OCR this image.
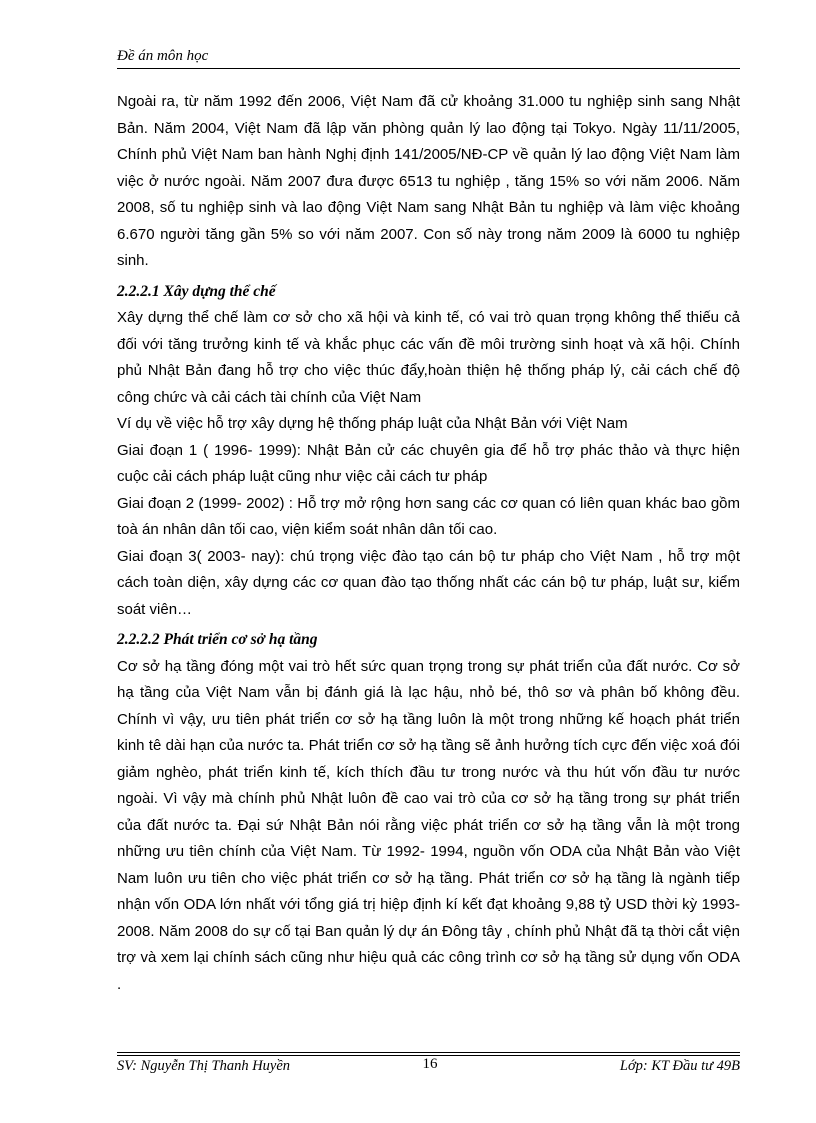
Đề án môn học

Ngoài ra, từ năm 1992 đến 2006, Việt Nam đã cử khoảng 31.000 tu nghiệp sinh sang Nhật Bản. Năm 2004, Việt Nam đã lập văn phòng quản lý lao động tại Tokyo. Ngày 11/11/2005, Chính phủ Việt Nam ban hành Nghị định 141/2005/NĐ-CP về quản lý lao động Việt Nam làm việc ở nước ngoài. Năm 2007 đưa được 6513 tu nghiệp , tăng 15% so với năm 2006. Năm 2008, số tu nghiệp sinh và lao động Việt Nam sang Nhật Bản tu nghiệp và làm việc khoảng 6.670 người tăng gần 5% so với năm 2007. Con số này trong năm 2009 là 6000 tu nghiệp sinh.

2.2.2.1 Xây dựng thể chế

Xây dựng thể chế làm cơ sở cho xã hội và kinh tế, có vai trò quan trọng không thể thiếu cả đối với tăng trưởng kinh tế và khắc phục các vấn đề môi trường sinh hoạt và xã hội. Chính phủ Nhật Bản đang hỗ trợ cho việc thúc đẩy,hoàn thiện hệ thống pháp lý, cải cách chế độ công chức và cải cách tài chính của Việt Nam

Ví dụ về việc hỗ trợ xây dựng hệ thống pháp luật của Nhật Bản với Việt Nam

Giai đoạn 1 ( 1996- 1999): Nhật Bản cử các chuyên gia để hỗ trợ phác thảo và thực hiện cuộc cải cách pháp luật cũng như việc cải cách tư pháp

Giai đoạn 2 (1999- 2002) : Hỗ trợ mở rộng hơn sang các cơ quan có liên quan khác bao gồm toà án nhân dân tối cao, viện kiểm soát nhân dân tối cao.

Giai đoạn 3( 2003- nay): chú trọng việc đào tạo cán bộ tư pháp cho Việt Nam , hỗ trợ một cách toàn diện, xây dựng các cơ quan đào tạo thống nhất các cán bộ tư pháp, luật sư, kiểm soát viên…

2.2.2.2 Phát triển cơ sở hạ tầng

Cơ sở hạ tầng đóng một vai trò hết sức quan trọng trong sự phát triển của đất nước. Cơ sở hạ tầng của Việt Nam vẫn bị đánh giá là lạc hậu, nhỏ bé, thô sơ và phân bố không đều. Chính vì vậy, ưu tiên phát triển cơ sở hạ tầng luôn là một trong những kế hoạch phát triển kinh tê dài hạn của nước ta. Phát triển cơ sở hạ tầng sẽ ảnh hưởng tích cực đến việc xoá đói giảm nghèo, phát triển kinh tế, kích thích đầu tư trong nước và thu hút vốn đầu tư nước ngoài. Vì vậy mà chính phủ Nhật luôn đề cao vai trò của cơ sở hạ tầng trong sự phát triển của đất nước ta. Đại sứ Nhật Bản nói rằng việc phát triển cơ sở hạ tầng vẫn là một trong những ưu tiên chính của Việt Nam. Từ 1992- 1994, nguồn vốn ODA của Nhật Bản vào Việt Nam luôn ưu tiên cho việc phát triển cơ sở hạ tầng. Phát triển cơ sở hạ tầng là ngành tiếp nhận vốn ODA lớn nhất với tổng giá trị hiệp định kí kết đạt khoảng 9,88 tỷ USD thời kỳ 1993- 2008. Năm 2008 do sự cố tại Ban quản lý dự án Đông tây , chính phủ Nhật đã tạ thời cắt viện trợ và xem lại chính sách cũng như hiệu quả các công trình cơ sở hạ tầng sử dụng vốn ODA .

SV: Nguyễn Thị Thanh Huyền	16	Lớp: KT Đầu tư 49B
